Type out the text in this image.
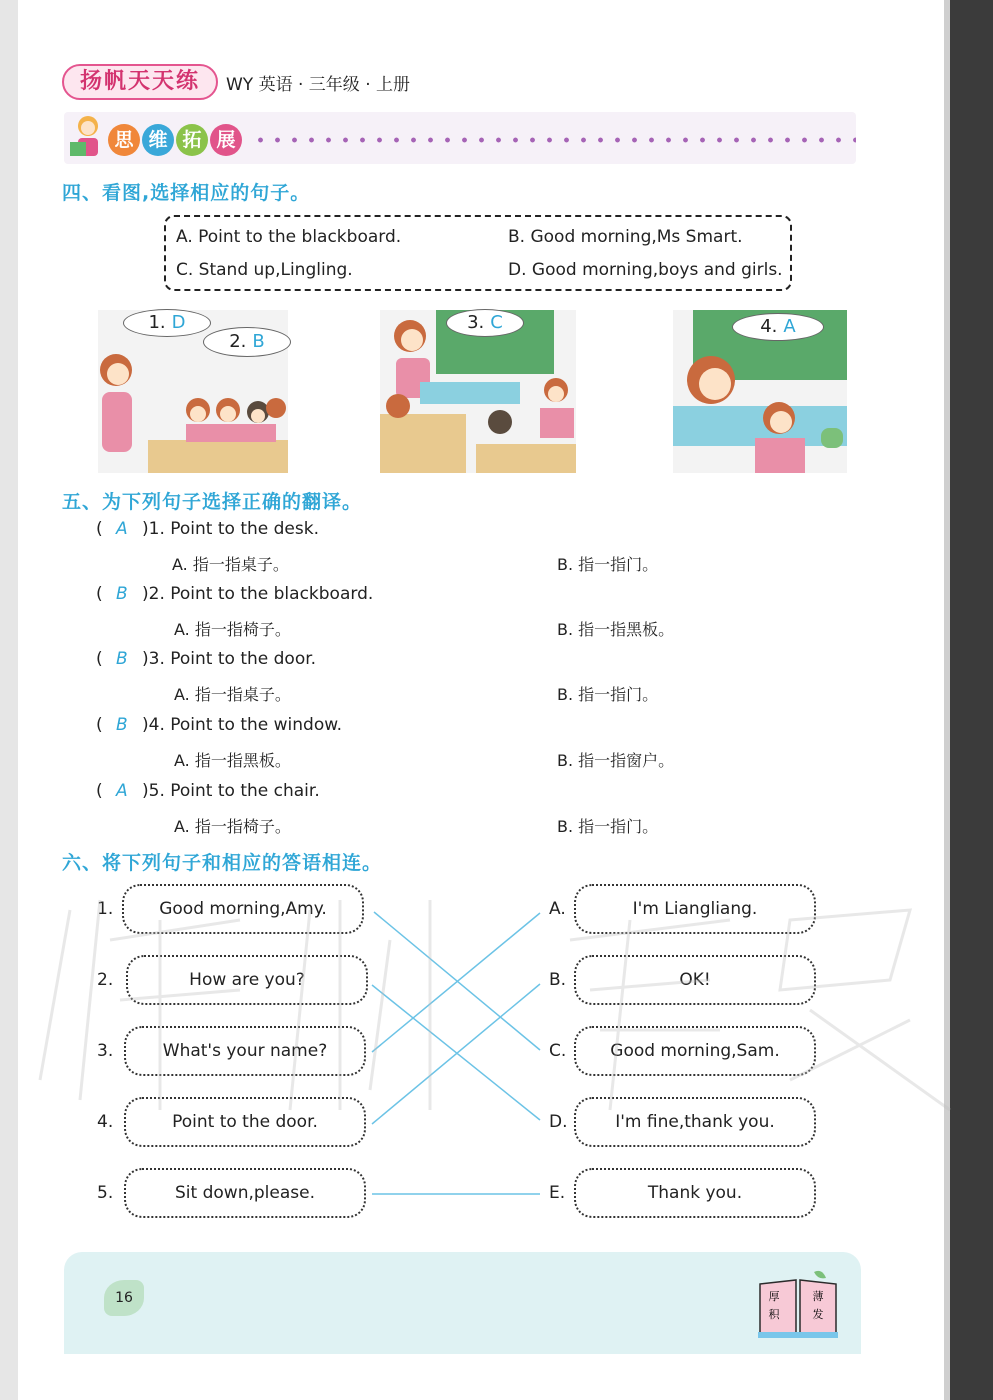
扬帆天天练	WY 英语 · 三年级 · 上册
思 维 拓 展
四、看图,选择相应的句子。
A. Point to the blackboard.	B. Good morning,Ms Smart.
C. Stand up,Lingling.	D. Good morning,boys and girls.
1. D
2. B
3. C	4. A
五、为下列句子选择正确的翻译。
( )1. Point to the desk.
A
A. 指一指桌子。	B. 指一指门。
( )2. Point to the blackboard.
B
A. 指一指椅子。	B. 指一指黑板。
( )3. Point to the door.
B
A. 指一指桌子。	B. 指一指门。
( )4. Point to the window.
B
A. 指一指黑板。	B. 指一指窗户。
( )5. Point to the chair.
A
A. 指一指椅子。	B. 指一指门。
六、将下列句子和相应的答语相连。
1.	Good morning,Amy.
2.	How are you?
3.	What's your name?
4.	Point to the door.
5.	Sit down,please.
A.	I'm Liangliang.
B.	OK!
C.	Good morning,Sam.
D.	I'm fine,thank you.
E.	Thank you.
16	厚	薄
积	发
